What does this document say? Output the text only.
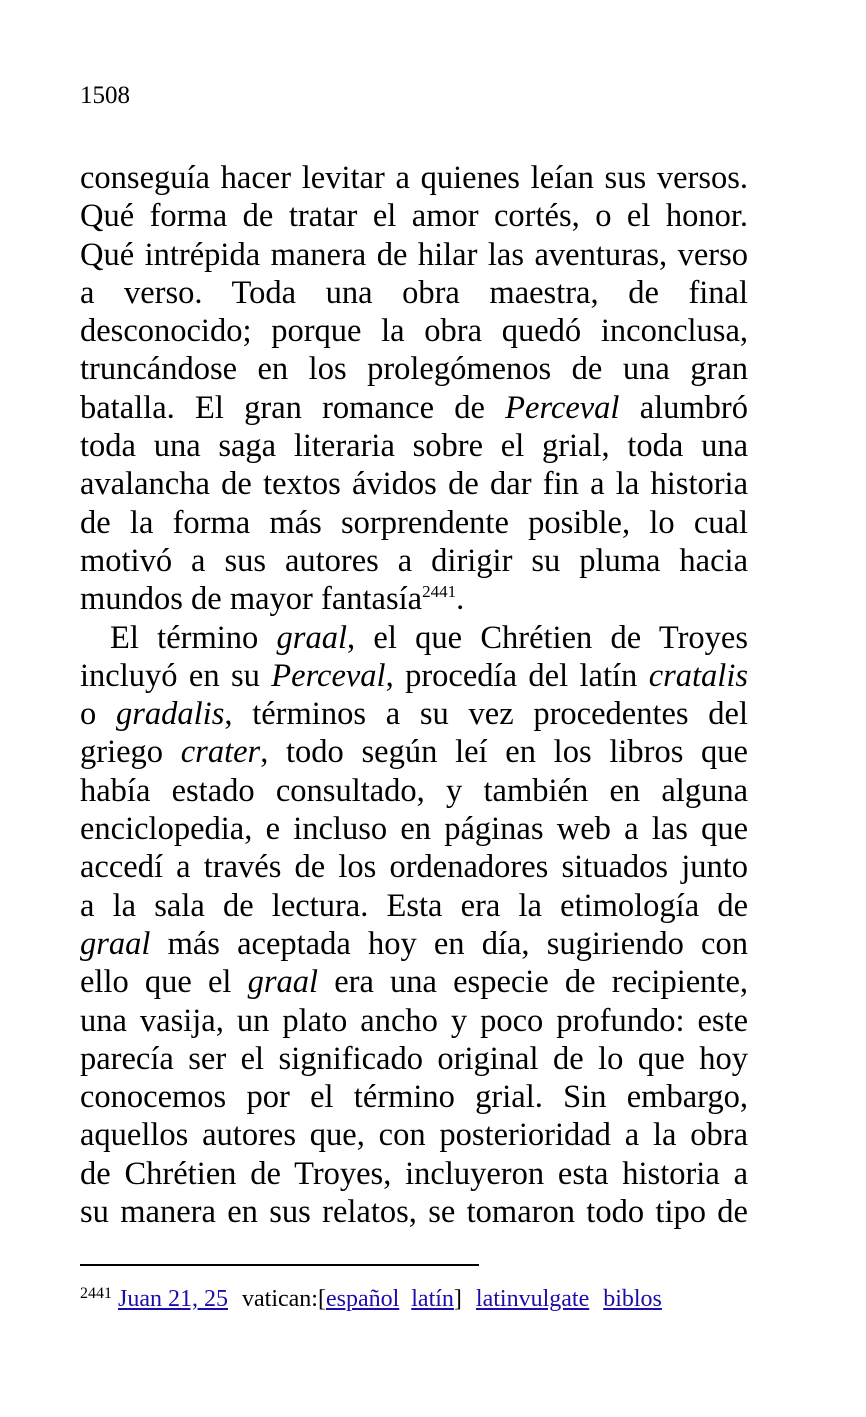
1508

conseguía hacer levitar a quienes leían sus versos.
Qué forma de tratar el amor cortés, o el honor.
Qué intrépida manera de hilar las aventuras, verso
a verso. Toda una obra maestra, de final
desconocido; porque la obra quedó inconclusa,
truncándose en los prolegómenos de una gran
batalla. El gran romance de Perceval alumbró
toda una saga literaria sobre el grial, toda una
avalancha de textos ávidos de dar fin a la historia
de la forma más sorprendente posible, lo cual
motivó a sus autores a dirigir su pluma hacia
mundos de mayor fantasía$^{2441}$.

El término graal, el que Chrétien de Troyes
incluyó en su Perceval, procedía del latín cratalis
o gradalis, términos a su vez procedentes del
griego crater, todo según leí en los libros que
había estado consultado, y también en alguna
enciclopedia, e incluso en páginas web a las que
accedí a través de los ordenadores situados junto
a la sala de lectura. Esta era la etimología de
graal más aceptada hoy en día, sugiriendo con
ello que el graal era una especie de recipiente,
una vasija, un plato ancho y poco profundo: este
parecía ser el significado original de lo que hoy
conocemos por el término grial. Sin embargo,
aquellos autores que, con posterioridad a la obra
de Chrétien de Troyes, incluyeron esta historia a
su manera en sus relatos, se tomaron todo tipo de

$^{2441}$ Juan 21, 25 vatican:[español latín] latinvulgate biblos
